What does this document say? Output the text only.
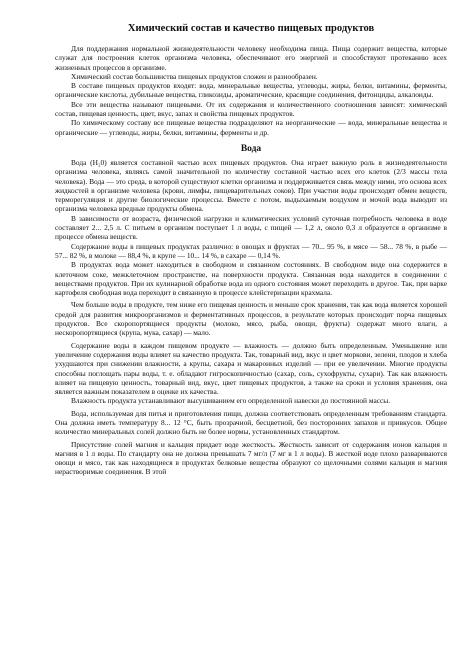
Химический состав и качество пищевых продуктов

Для поддержания нормальной жизнедеятельности человеку необходима пища. Пища содержит вещества, которые служат для построения клеток организма человека, обеспечивают его энергией и способствуют протеканию всех жизненных процессов в организме.

Химический состав большинства пищевых продуктов сложен и разнообразен.

В составе пищевых продуктов входят: вода, минеральные вещества, углеводы, жиры, белки, витамины, ферменты, органические кислоты, дубильные вещества, гликозиды, ароматические, красящие соединения, фитонциды, алкалоиды.

Все эти вещества называют пищевыми. От их содержания и количественного соотношения зависят: химический состав, пищевая ценность, цвет, вкус, запах и свойства пищевых продуктов.

По химическому составу все пищевые вещества подразделяют на неорганические — вода, минеральные вещества и органические — углеводы, жиры, белки, витамины, ферменты и др.

Вода

Вода (H₂0) является составной частью всех пищевых продуктов. Она играет важную роль в жизнедеятельности организма человека, являясь самой значительной по количеству составной частью всех его клеток (2/3 массы тела человека). Вода — это среда, в которой существуют клетки организма и поддерживается связь между ними, это основа всех жидкостей в организме человека (крови, лимфы, пищеварительных соков). При участии воды происходят обмен веществ, терморегуляция и другие биологические процессы. Вместе с потом, выдыхаемым воздухом и мочой вода выводит из организма человека вредные продукты обмена.

В зависимости от возраста, физической нагрузки и климатических условий суточная потребность человека в воде составляет 2... 2,5 л. С питьем в организм поступает 1 л воды, с пищей — 1,2 л, около 0,3 л образуется в организме в процессе обмена веществ.

Содержание воды в пищевых продуктах различно: в овощах и фруктах — 70... 95 %, в мясе — 58... 78 %, в рыбе — 57... 82 %, в молоке — 88,4 %, в крупе — 10... 14 %, в сахаре — 0,14 %.

В продуктах вода может находиться в свободном и связанном состояниях. В свободном виде она содержится в клеточном соке, межклеточном пространстве, на поверхности продукта. Связанная вода находится в соединении с веществами продуктов. При их кулинарной обработке вода из одного состояния может переходить в другое. Так, при варке картофеля свободная вода переходит в связанную в процессе клейстеризации крахмала.

Чем больше воды в продукте, тем ниже его пищевая ценность и меньше срок хранения, так как вода является хорошей средой для развития микроорганизмов и ферментативных процессов, в результате которых происходит порча пищевых продуктов. Все скоропортящиеся продукты (молоко, мясо, рыба, овощи, фрукты) содержат много влаги, а нескоропортящиеся (крупа, мука, сахар) — мало.

Содержание воды в каждом пищевом продукте — влажность — должно быть определенным. Уменьшение или увеличение содержания воды влияет на качество продукта. Так, товарный вид, вкус и цвет моркови, зелени, плодов и хлеба ухудшаются при снижении влажности, а крупы, сахара и макаронных изделий — при ее увеличении. Многие продукты способны поглощать пары воды, т. е. обладают гигроскопичностью (сахар, соль, сухофрукты, сухари). Так как влажность влияет на пищевую ценность, товарный вид, вкус, цвет пищевых продуктов, а также на сроки и условия хранения, она является важным показателем в оценке их качества.

Влажность продукта устанавливают высушиванием его определенной навески до постоянной массы.

Вода, используемая для питья и приготовления пищи, должна соответствовать определенным требованиям стандарта. Она должна иметь температуру 8... 12 °С, быть прозрачной, бесцветной, без посторонних запахов и привкусов. Общее количество минеральных солей должно быть не более нормы, установленных стандартом.

Присутствие солей магния и кальция придает воде жесткость. Жесткость зависит от содержания ионов кальция и магния в 1 л воды. По стандарту она не должна превышать 7 мг/л (7 мг в 1 л воды). В жесткой воде плохо развариваются овощи и мясо, так как находящиеся в продуктах белковые вещества образуют со щелочными солями кальция и магния нерастворимые соединения. В этой
